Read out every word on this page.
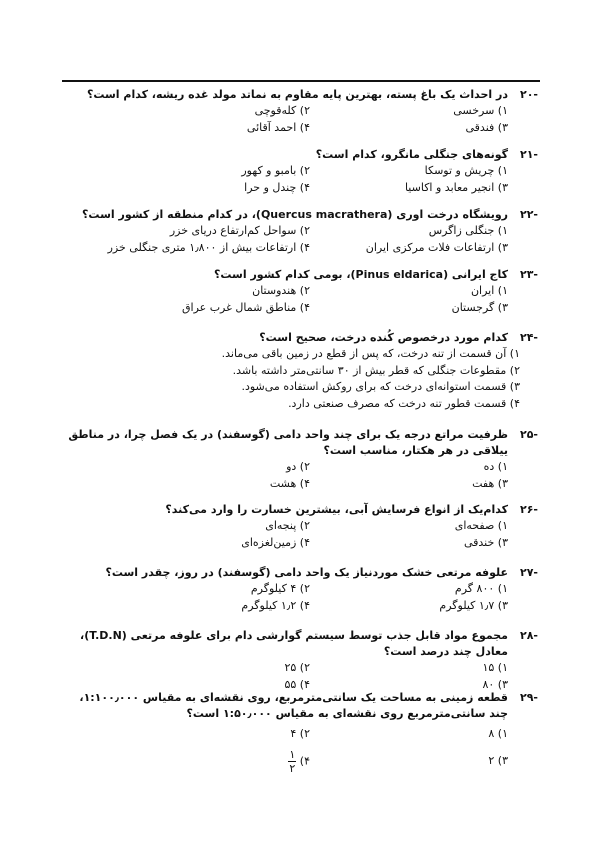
-۲۰
در احداث یک باغ پسته، بهترین پایه مقاوم به نماتد مولد غده ریشه، کدام است؟
۱) سرخسی
۲) کله‌قوچی
۳) فندقی
۴) احمد آقائی
-۲۱
گونه‌های جنگلی مانگرو، کدام است؟
۱) چریش و توسکا
۲) بامبو و کهور
۳) انجیر معابد و اکاسیا
۴) چندل و حرا
-۲۲
رویشگاه درخت اوری (Quercus macrathera)، در کدام منطقه از کشور است؟
۱) جنگلی زاگرس
۲) سواحل کم‌ارتفاع دریای خزر
۳) ارتفاعات فلات مرکزی ایران
۴) ارتفاعات بیش از ۱٫۸۰۰ متری جنگلی خزر
-۲۳
کاج ایرانی (Pinus eldarica)، بومی کدام کشور است؟
۱) ایران
۲) هندوستان
۳) گرجستان
۴) مناطق شمال غرب عراق
-۲۴
کدام مورد درخصوص کُنده درخت، صحیح است؟
۱) آن قسمت از تنه درخت، که پس از قطع در زمین باقی می‌ماند.
۲) مقطوعات جنگلی که قطر بیش از ۳۰ سانتی‌متر داشته باشد.
۳) قسمت استوانه‌ای درخت که برای روکش استفاده می‌شود.
۴) قسمت قطور تنه درخت که مصرف صنعتی دارد.
-۲۵
ظرفیت مراتع درجه یک برای چند واحد دامی (گوسفند) در یک فصل چرا، در مناطق ییلاقی در هر هکتار، مناسب است؟
۱) ده
۲) دو
۳) هفت
۴) هشت
-۲۶
کدام‌یک از انواع فرسایش آبی، بیشترین خسارت را وارد می‌کند؟
۱) صفحه‌ای
۲) پنجه‌ای
۳) خندقی
۴) زمین‌لغزه‌ای
-۲۷
علوفه مرتعی خشک موردنیاز یک واحد دامی (گوسفند) در روز، چقدر است؟
۱) ۸۰۰ گرم
۲) ۴ کیلوگرم
۳) ۱٫۷ کیلوگرم
۴) ۱٫۲ کیلوگرم
-۲۸
مجموع مواد قابل جذب توسط سیستم گوارشی دام برای علوفه مرتعی (T.D.N)، معادل چند درصد است؟
۱) ۱۵
۲) ۲۵
۳) ۸۰
۴) ۵۵
-۲۹
قطعه زمینی به مساحت یک سانتی‌مترمربع، روی نقشه‌ای به مقیاس ۱:۱۰۰٫۰۰۰، چند سانتی‌مترمربع روی نقشه‌ای به مقیاس ۱:۵۰٫۰۰۰ است؟
۱) ۸
۲) ۴
۳) ۲
۴)
$\frac{۱}{۲}$
